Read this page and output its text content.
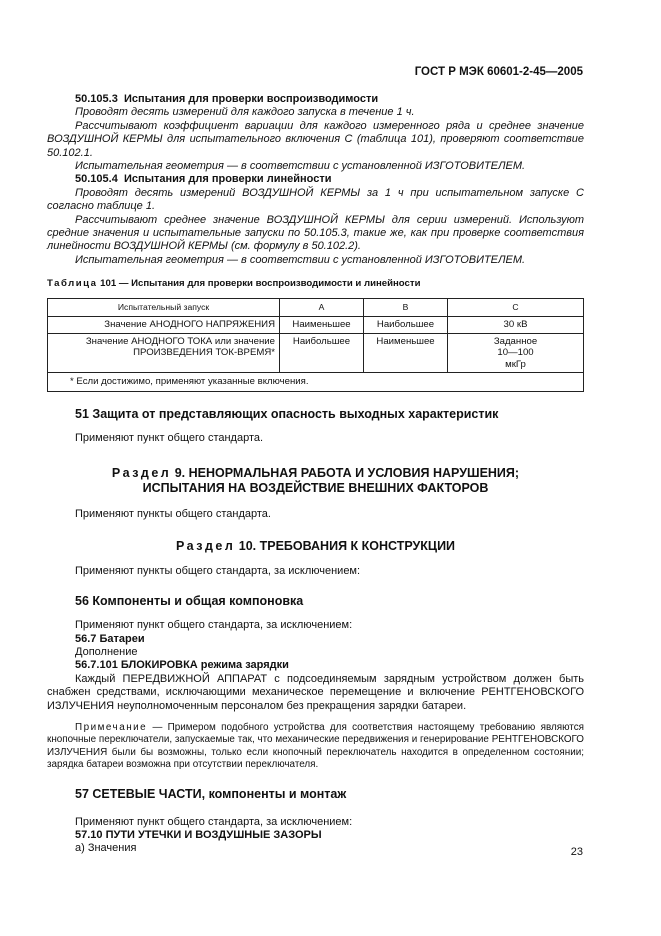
ГОСТ Р МЭК 60601-2-45—2005

50.105.3 Испытания для проверки воспроизводимости

Проводят десять измерений для каждого запуска в течение 1 ч.

Рассчитывают коэффициент вариации для каждого измеренного ряда и среднее значение ВОЗДУШНОЙ КЕРМЫ для испытательного включения С (таблица 101), проверяют соответствие 50.102.1.

Испытательная геометрия — в соответствии с установленной ИЗГОТОВИТЕЛЕМ.

50.105.4 Испытания для проверки линейности

Проводят десять измерений ВОЗДУШНОЙ КЕРМЫ за 1 ч при испытательном запуске С согласно таблице 1.

Рассчитывают среднее значение ВОЗДУШНОЙ КЕРМЫ для серии измерений. Используют средние значения и испытательные запуски по 50.105.3, такие же, как при проверке соответствия линейности ВОЗДУШНОЙ КЕРМЫ (см. формулу в 50.102.2).

Испытательная геометрия — в соответствии с установленной ИЗГОТОВИТЕЛЕМ.

Таблица 101 — Испытания для проверки воспроизводимости и линейности
Испытательный запуск	A	B	C
Значение АНОДНОГО НАПРЯЖЕНИЯ	Наименьшее	Наибольшее	30 кВ
Значение АНОДНОГО ТОКА или значение ПРОИЗВЕДЕНИЯ ТОК-ВРЕМЯ*	Наибольшее	Наименьшее	Заданное 10—100 мкГр
* Если достижимо, применяют указанные включения.			
51 Защита от представляющих опасность выходных характеристик

Применяют пункт общего стандарта.

Раздел 9. НЕНОРМАЛЬНАЯ РАБОТА И УСЛОВИЯ НАРУШЕНИЯ;
ИСПЫТАНИЯ НА ВОЗДЕЙСТВИЕ ВНЕШНИХ ФАКТОРОВ

Применяют пункты общего стандарта.

Раздел 10. ТРЕБОВАНИЯ К КОНСТРУКЦИИ

Применяют пункты общего стандарта, за исключением:

56 Компоненты и общая компоновка

Применяют пункт общего стандарта, за исключением:

56.7 Батареи

Дополнение

56.7.101 БЛОКИРОВКА режима зарядки

Каждый ПЕРЕДВИЖНОЙ АППАРАТ с подсоединяемым зарядным устройством должен быть снабжен средствами, исключающими механическое перемещение и включение РЕНТГЕНОВСКОГО ИЗЛУЧЕНИЯ неуполномоченным персоналом без прекращения зарядки батареи.

Примечание — Примером подобного устройства для соответствия настоящему требованию являются кнопочные переключатели, запускаемые так, что механические передвижения и генерирование РЕНТГЕНОВСКОГО ИЗЛУЧЕНИЯ были бы возможны, только если кнопочный переключатель находится в определенном состоянии; зарядка батареи возможна при отсутствии переключателя.

57 СЕТЕВЫЕ ЧАСТИ, компоненты и монтаж

Применяют пункт общего стандарта, за исключением:

57.10 ПУТИ УТЕЧКИ И ВОЗДУШНЫЕ ЗАЗОРЫ

a) Значения	23
